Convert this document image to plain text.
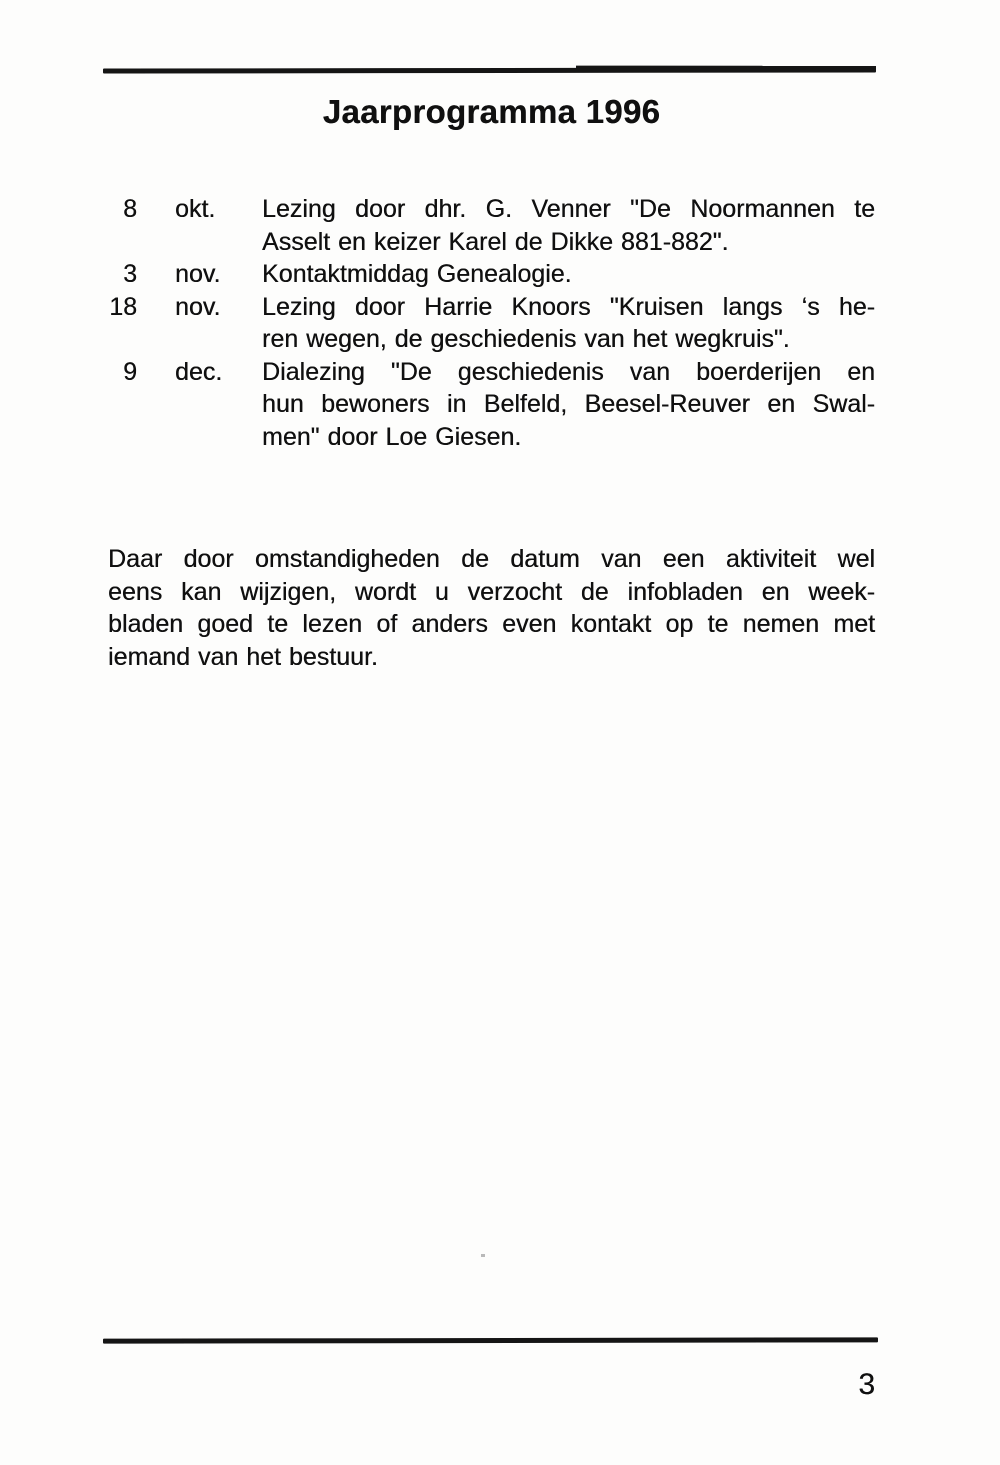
Jaarprogramma 1996
8	okt.	Lezing door dhr. G. Venner "De Noormannen te
Asselt en keizer Karel de Dikke 881-882".
3	nov.	Kontaktmiddag Genealogie.
18	nov.	Lezing door Harrie Knoors "Kruisen langs ‘s he-
ren wegen, de geschiedenis van het wegkruis".
9	dec.	Dialezing "De geschiedenis van boerderijen en
hun bewoners in Belfeld, Beesel-Reuver en Swal-
men" door Loe Giesen.
Daar door omstandigheden de datum van een aktiviteit wel
eens kan wijzigen, wordt u verzocht de infobladen en week-
bladen goed te lezen of anders even kontakt op te nemen met
iemand van het bestuur.
3
